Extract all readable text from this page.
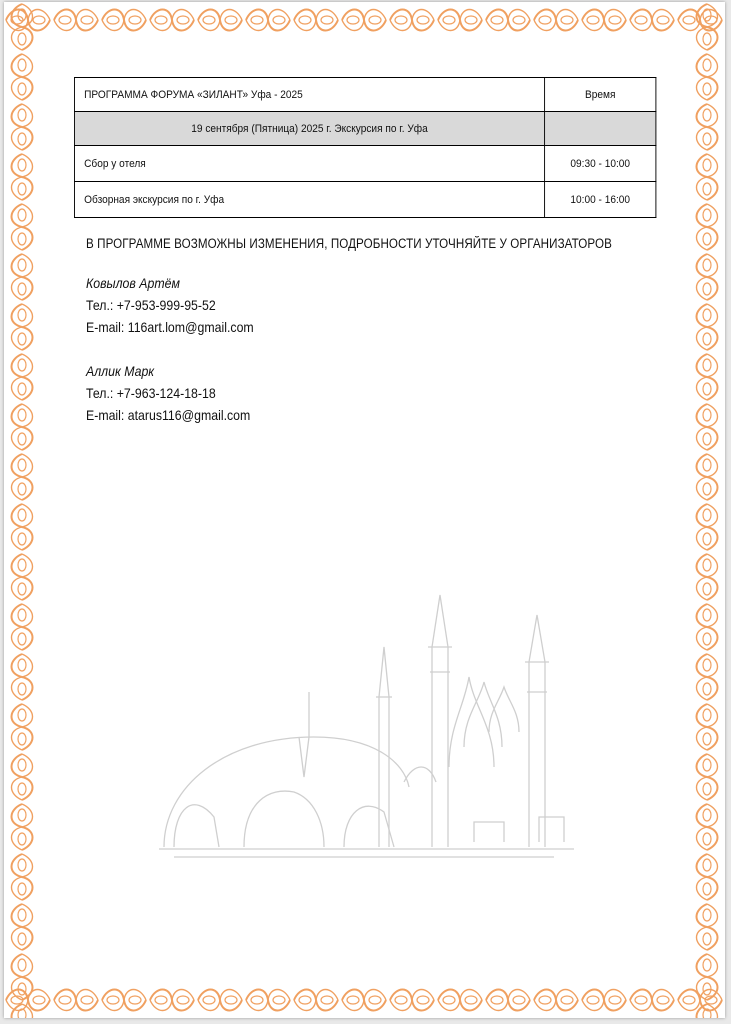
ПРОГРАММА ФОРУМА «ЗИЛАНТ» Уфа - 2025	Время
19 сентября (Пятница) 2025 г. Экскурсия по г. Уфа	
Сбор у отеля	09:30 - 10:00
Обзорная экскурсия по г. Уфа	10:00 - 16:00
В ПРОГРАММЕ ВОЗМОЖНЫ ИЗМЕНЕНИЯ, ПОДРОБНОСТИ УТОЧНЯЙТЕ У ОРГАНИЗАТОРОВ
Ковылов Артём
Тел.: +7-953-999-95-52
E-mail: 116art.lom@gmail.com
Аллик Марк
Тел.: +7-963-124-18-18
E-mail: atarus116@gmail.com
